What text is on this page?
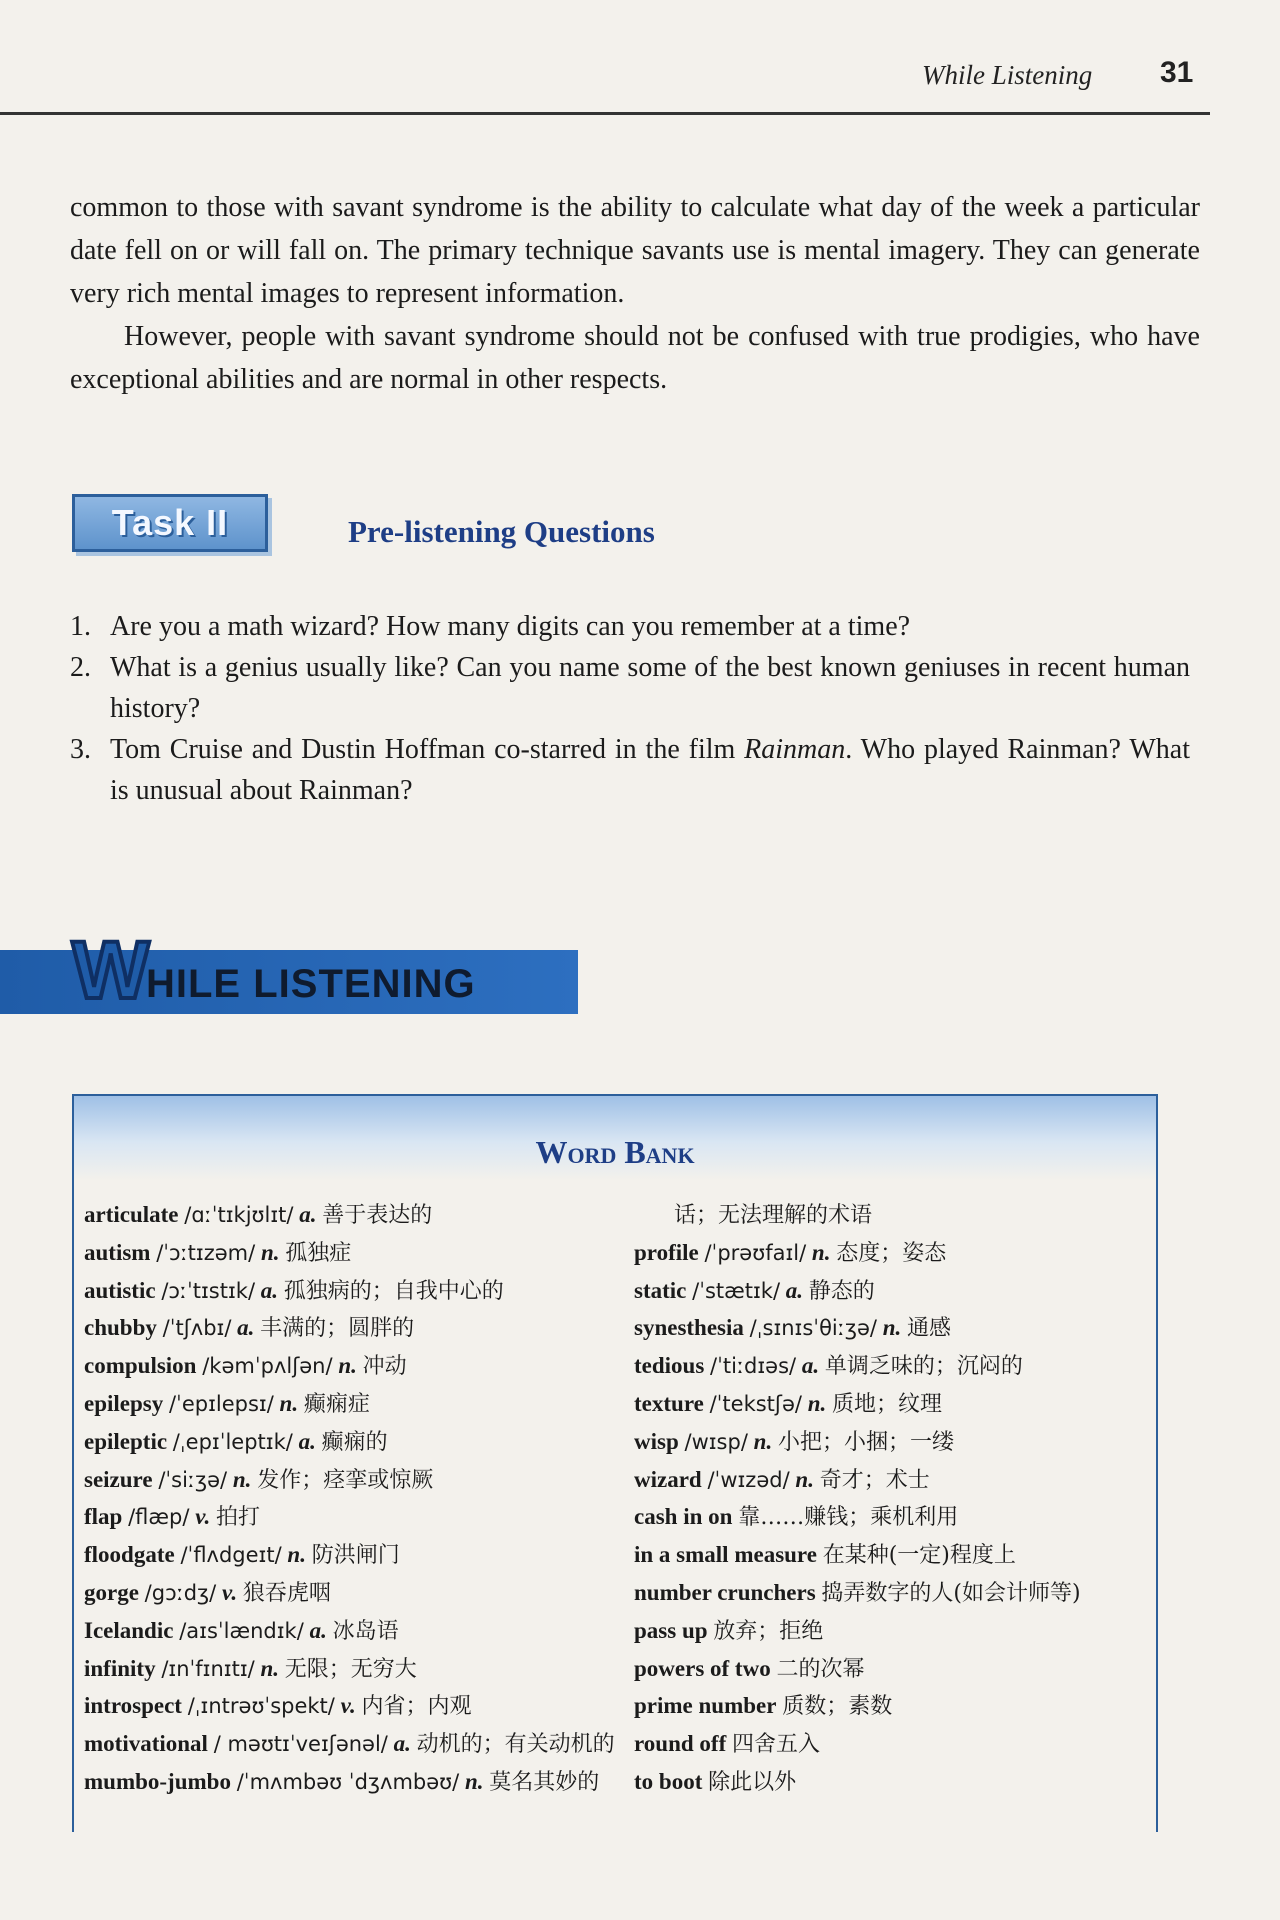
While Listening 31

common to those with savant syndrome is the ability to calculate what day of the week a particular date fell on or will fall on. The primary technique savants use is mental imagery. They can generate very rich mental images to represent information.

However, people with savant syndrome should not be confused with true prodigies, who have exceptional abilities and are normal in other respects.

Task II	Pre-listening Questions
1. Are you a math wizard? How many digits can you remember at a time?
2. What is a genius usually like? Can you name some of the best known geniuses in recent human history?
3. Tom Cruise and Dustin Hoffman co-starred in the film Rainman. Who played Rainman? What is unusual about Rainman?
W
HILE LISTENING
Word Bank
articulate /ɑːˈtɪkjʊlɪt/ a. 善于表达的
autism /ˈɔːtɪzəm/ n. 孤独症
autistic /ɔːˈtɪstɪk/ a. 孤独病的；自我中心的
chubby /ˈtʃʌbɪ/ a. 丰满的；圆胖的
compulsion /kəmˈpʌlʃən/ n. 冲动
epilepsy /ˈepɪlepsɪ/ n. 癫痫症
epileptic /ˌepɪˈleptɪk/ a. 癫痫的
seizure /ˈsiːʒə/ n. 发作；痉挛或惊厥
flap /flæp/ v. 拍打
floodgate /ˈflʌdgeɪt/ n. 防洪闸门
gorge /gɔːdʒ/ v. 狼吞虎咽
Icelandic /aɪsˈlændɪk/ a. 冰岛语
infinity /ɪnˈfɪnɪtɪ/ n. 无限；无穷大
introspect /ˌɪntrəʊˈspekt/ v. 内省；内观
motivational / məʊtɪˈveɪʃənəl/ a. 动机的；有关动机的
mumbo-jumbo /ˈmʌmbəʊ ˈdʒʌmbəʊ/ n. 莫名其妙的
话；无法理解的术语
profile /ˈprəʊfaɪl/ n. 态度；姿态
static /ˈstætɪk/ a. 静态的
synesthesia /ˌsɪnɪsˈθiːʒə/ n. 通感
tedious /ˈtiːdɪəs/ a. 单调乏味的；沉闷的
texture /ˈtekstʃə/ n. 质地；纹理
wisp /wɪsp/ n. 小把；小捆；一缕
wizard /ˈwɪzəd/ n. 奇才；术士
cash in on 靠……赚钱；乘机利用
in a small measure 在某种(一定)程度上
number crunchers 捣弄数字的人(如会计师等)
pass up 放弃；拒绝
powers of two 二的次幂
prime number 质数；素数
round off 四舍五入
to boot 除此以外
